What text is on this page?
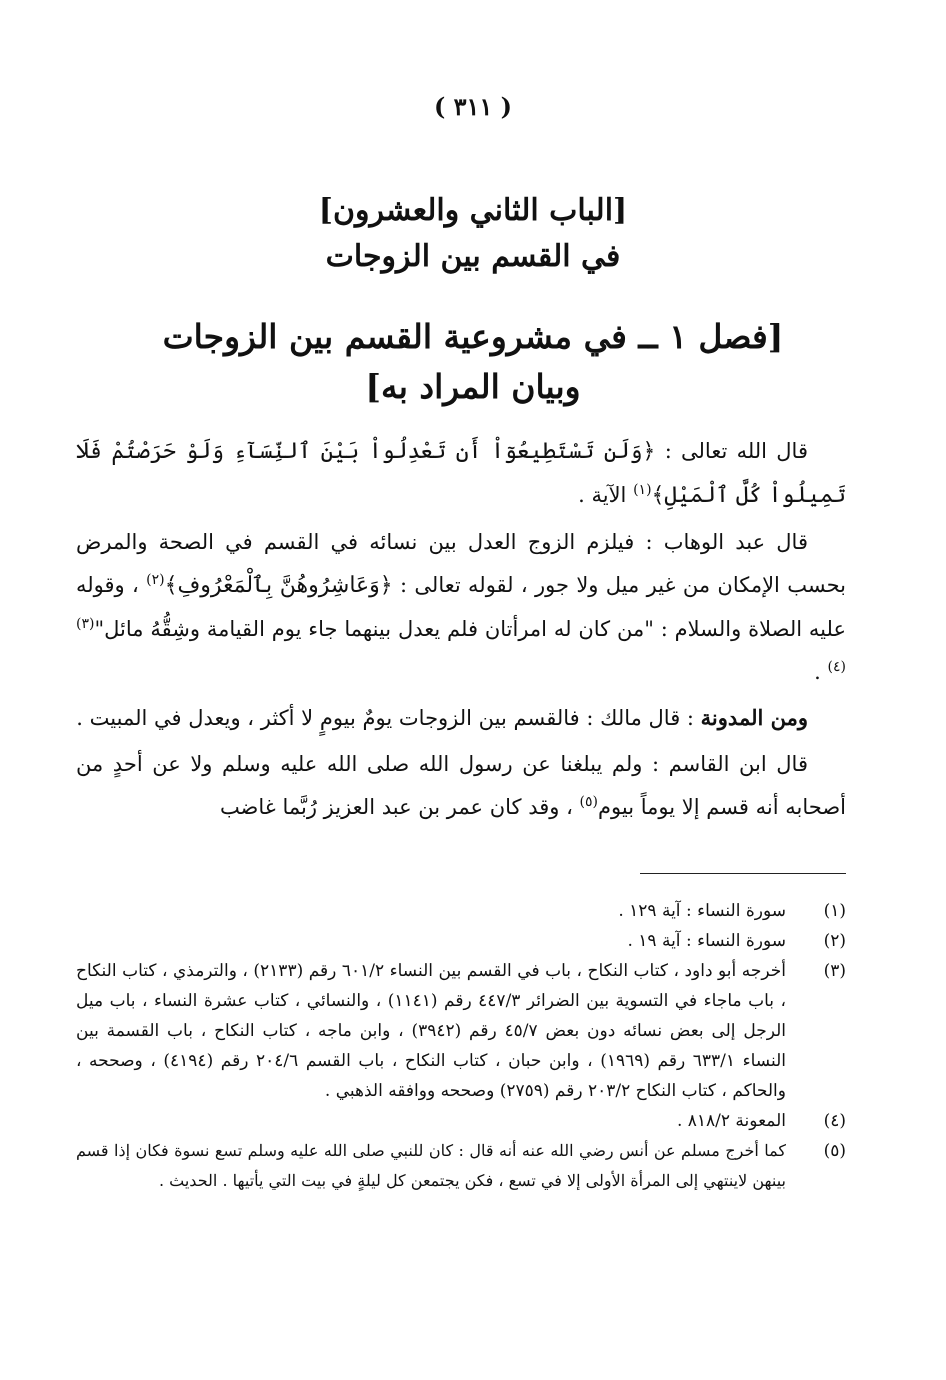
( ٣١١ )
[الباب الثاني والعشرون]
في القسم بين الزوجات
[فصل ١ ــ في مشروعية القسم بين الزوجات
وبيان المراد به]

قال الله تعالى : ﴿وَلَن تَسْتَطِيعُوٓاْ أَن تَعْدِلُواْ بَيْنَ ٱلنِّسَآءِ وَلَوْ حَرَصْتُمْ فَلَا تَمِيلُواْ كُلَّ ٱلْمَيْلِ﴾$^{(١)}$ الآية .

قال عبد الوهاب : فيلزم الزوج العدل بين نسائه في القسم في الصحة والمرض بحسب الإمكان من غير ميل ولا جور ، لقوله تعالى : ﴿وَعَاشِرُوهُنَّ بِٱلْمَعْرُوفِ﴾$^{(٢)}$ ، وقوله عليه الصلاة والسلام : "من كان له امرأتان فلم يعدل بينهما جاء يوم القيامة وشِقُّهُ مائل"$^{(٣)(٤)}$ .

ومن المدونة : قال مالك : فالقسم بين الزوجات يومٌ بيومٍ لا أكثر ، ويعدل في المبيت .

قال ابن القاسم : ولم يبلغنا عن رسول الله صلى الله عليه وسلم ولا عن أحدٍ من أصحابه أنه قسم إلا يوماً بيوم$^{(٥)}$ ، وقد كان عمر بن عبد العزيز رُبَّما غاضب

(١)
سورة النساء : آية ١٢٩ .
(٢)
سورة النساء : آية ١٩ .
(٣)
أخرجه أبو داود ، كتاب النكاح ، باب في القسم بين النساء ٦٠١/٢ رقم (٢١٣٣) ، والترمذي ، كتاب النكاح ، باب ماجاء في التسوية بين الضرائر ٤٤٧/٣ رقم (١١٤١) ، والنسائي ، كتاب عشرة النساء ، باب ميل الرجل إلى بعض نسائه دون بعض ٤٥/٧ رقم (٣٩٤٢) ، وابن ماجه ، كتاب النكاح ، باب القسمة بين النساء ٦٣٣/١ رقم (١٩٦٩) ، وابن حبان ، كتاب النكاح ، باب القسم ٢٠٤/٦ رقم (٤١٩٤) ، وصححه ، والحاكم ، كتاب النكاح ٢٠٣/٢ رقم (٢٧٥٩) وصححه ووافقه الذهبي .
(٤)
المعونة ٨١٨/٢ .
(٥)
كما أخرج مسلم عن أنس رضي الله عنه أنه قال : كان للنبي صلى الله عليه وسلم تسع نسوة فكان إذا قسم بينهن لاينتهي إلى المرأة الأولى إلا في تسع ، فكن يجتمعن كل ليلةٍ في بيت التي يأتيها . الحديث .
